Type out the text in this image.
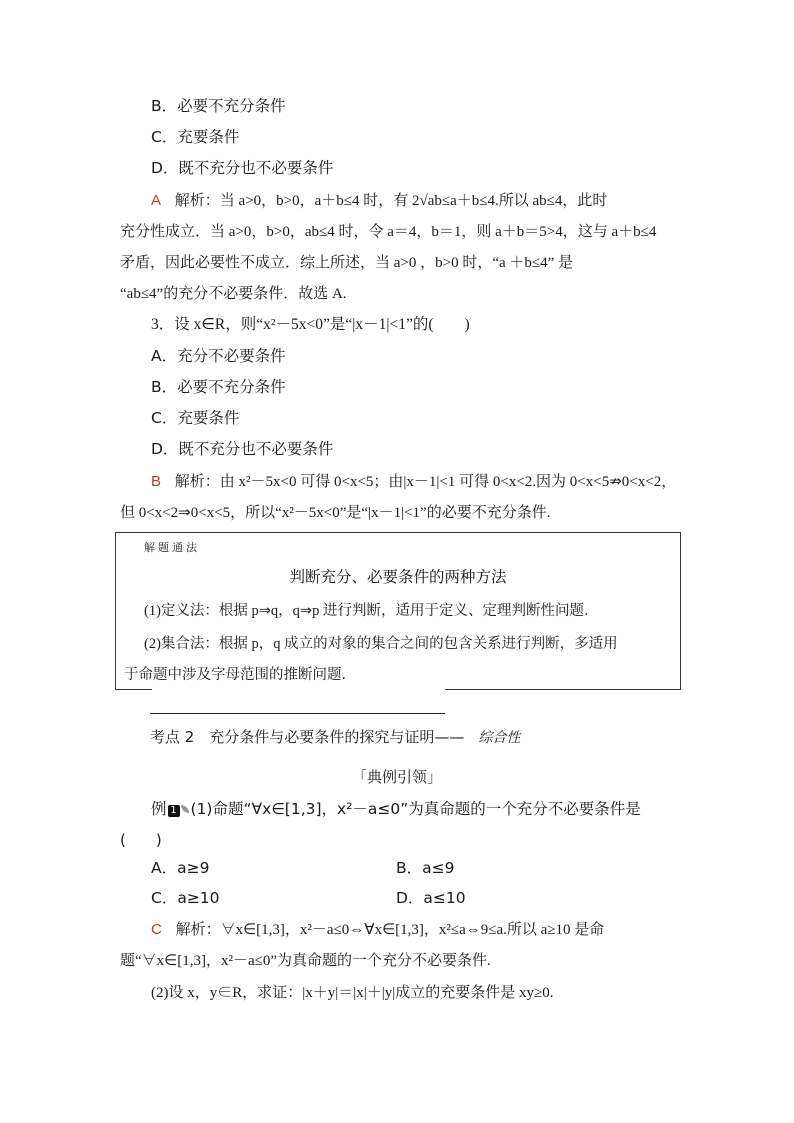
B．必要不充分条件
C．充要条件
D．既不充分也不必要条件
A 解析：当 a>0，b>0，a＋b≤4 时，有 2√ab≤a＋b≤4.所以 ab≤4，此时
充分性成立．当 a>0，b>0，ab≤4 时，令 a＝4，b＝1，则 a＋b＝5>4，这与 a＋b≤4
矛盾，因此必要性不成立．综上所述，当 a>0 ，b>0 时，“a ＋b≤4” 是
“ab≤4”的充分不必要条件．故选 A.
3．设 x∈R，则“x²－5x<0”是“|x－1|<1”的(　　)
A．充分不必要条件
B．必要不充分条件
C．充要条件
D．既不充分也不必要条件
B 解析：由 x²－5x<0 可得 0<x<5；由|x－1|<1 可得 0<x<2.因为 0<x<5⇏0<x<2，
但 0<x<2⇒0<x<5，所以“x²－5x<0”是“|x－1|<1”的必要不充分条件.
解题通法
判断充分、必要条件的两种方法
(1)定义法：根据 p⇒q，q⇒p 进行判断，适用于定义、定理判断性问题．
(2)集合法：根据 p，q 成立的对象的集合之间的包含关系进行判断，多适用
于命题中涉及字母范围的推断问题．
考点 2　充分条件与必要条件的探究与证明—— 综合性
「典例引领」
例 1 (1)命题“∀x∈[1,3]，x²－a≤0”为真命题的一个充分不必要条件是
(　　)
A．a≥9	B．a≤9
C．a≥10	D．a≤10
C 解析：∀x∈[1,3]，x²－a≤0⇔∀x∈[1,3]，x²≤a⇔9≤a.所以 a≥10 是命
题“∀x∈[1,3]，x²－a≤0”为真命题的一个充分不必要条件.
(2)设 x，y∈R，求证：|x＋y|＝|x|＋|y|成立的充要条件是 xy≥0.
